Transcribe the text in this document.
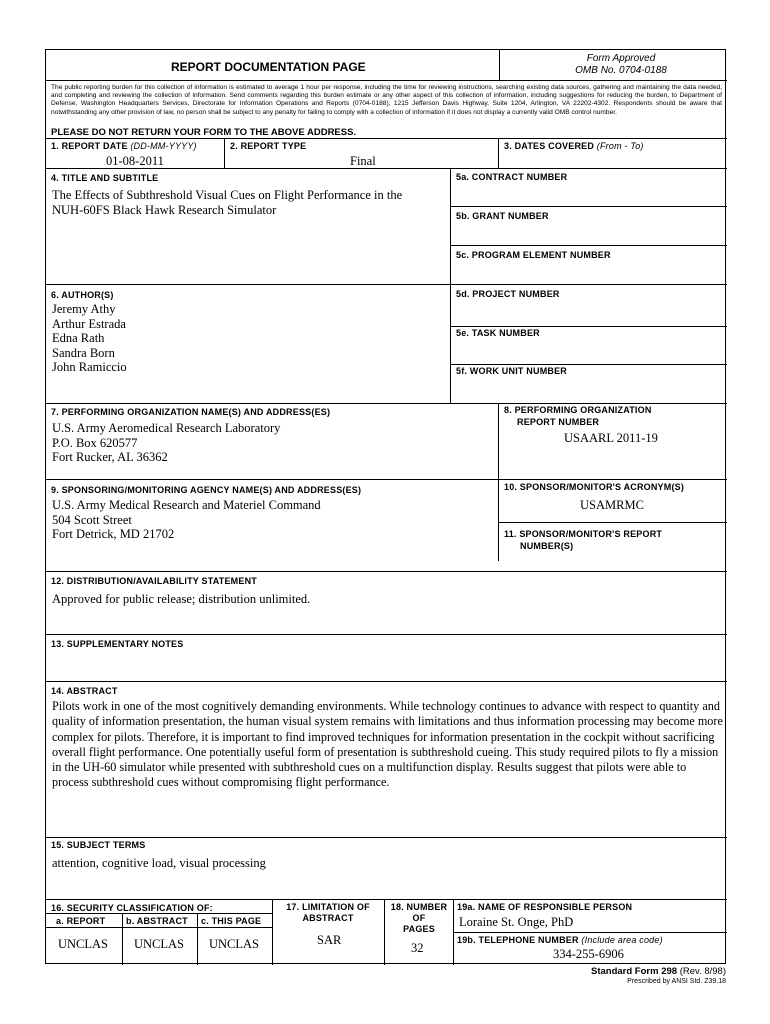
REPORT DOCUMENTATION PAGE
Form Approved
OMB No. 0704-0188
The public reporting burden for this collection of information is estimated to average 1 hour per response, including the time for reviewing instructions, searching existing data sources, gathering and maintaining the data needed, and completing and reviewing the collection of information. Send comments regarding this burden estimate or any other aspect of this collection of information, including suggestions for reducing the burden, to Department of Defense, Washington Headquarters Services, Directorate for Information Operations and Reports (0704-0188), 1215 Jefferson Davis Highway, Suite 1204, Arlington, VA 22202-4302. Respondents should be aware that notwithstanding any other provision of law, no person shall be subject to any penalty for failing to comply with a collection of information if it does not display a currently valid OMB control number.
PLEASE DO NOT RETURN YOUR FORM TO THE ABOVE ADDRESS.
1. REPORT DATE (DD-MM-YYYY)
01-08-2011
2. REPORT TYPE
Final
3. DATES COVERED (From - To)
4. TITLE AND SUBTITLE
The Effects of Subthreshold Visual Cues on Flight Performance in the
NUH-60FS Black Hawk Research Simulator
5a. CONTRACT NUMBER
5b. GRANT NUMBER
5c. PROGRAM ELEMENT NUMBER
6. AUTHOR(S)
Jeremy Athy
Arthur Estrada
Edna Rath
Sandra Born
John Ramiccio
5d. PROJECT NUMBER
5e. TASK NUMBER
5f. WORK UNIT NUMBER
7. PERFORMING ORGANIZATION NAME(S) AND ADDRESS(ES)
U.S. Army Aeromedical Research Laboratory
P.O. Box 620577
Fort Rucker, AL 36362
8. PERFORMING ORGANIZATION
REPORT NUMBER
USAARL 2011-19
9. SPONSORING/MONITORING AGENCY NAME(S) AND ADDRESS(ES)
U.S. Army Medical Research and Materiel Command
504 Scott Street
Fort Detrick, MD 21702
10. SPONSOR/MONITOR'S ACRONYM(S)
USAMRMC
11. SPONSOR/MONITOR'S REPORT
NUMBER(S)
12. DISTRIBUTION/AVAILABILITY STATEMENT
Approved for public release; distribution unlimited.
13. SUPPLEMENTARY NOTES
14. ABSTRACT
Pilots work in one of the most cognitively demanding environments. While technology continues to advance with respect to quantity and quality of information presentation, the human visual system remains with limitations and thus information processing may become more complex for pilots. Therefore, it is important to find improved techniques for information presentation in the cockpit without sacrificing overall flight performance. One potentially useful form of presentation is subthreshold cueing. This study required pilots to fly a mission in the UH-60 simulator while presented with subthreshold cues on a multifunction display. Results suggest that pilots were able to process subthreshold cues without compromising flight performance.
15. SUBJECT TERMS
attention, cognitive load, visual processing
16. SECURITY CLASSIFICATION OF:
a. REPORT b. ABSTRACT c. THIS PAGE
UNCLAS UNCLAS UNCLAS
17. LIMITATION OF
ABSTRACT
SAR
18. NUMBER
OF
PAGES
32
19a. NAME OF RESPONSIBLE PERSON
Loraine St. Onge, PhD
19b. TELEPHONE NUMBER (Include area code)
334-255-6906
Standard Form 298 (Rev. 8/98)
Prescribed by ANSI Std. Z39.18
